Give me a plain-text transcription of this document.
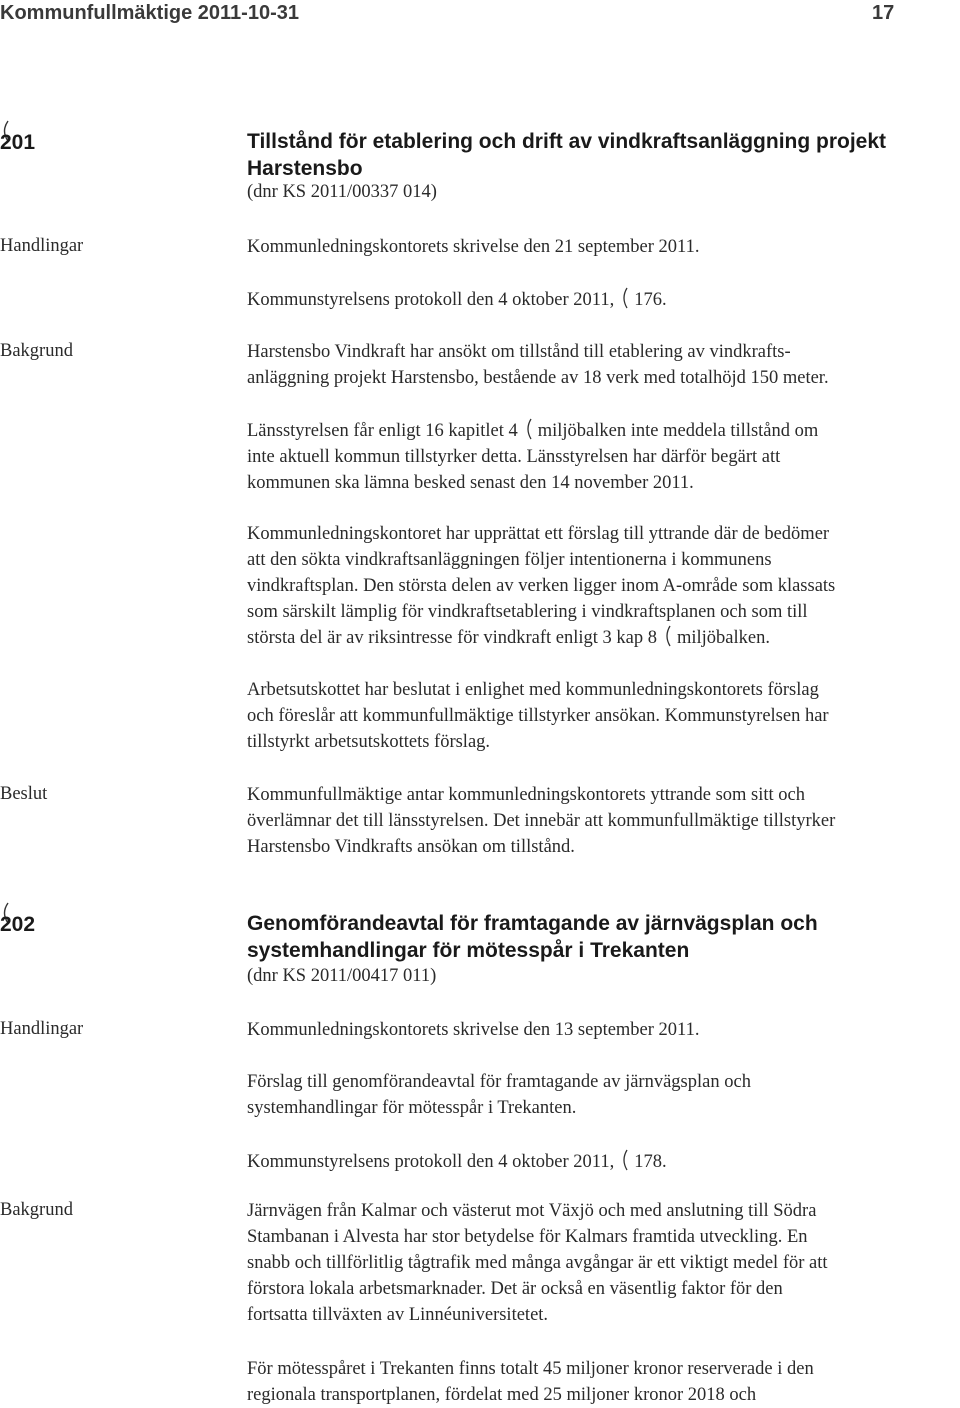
Kommunfullmäktige 2011-10-31	17
201	Tillstånd för etablering och drift av vindkraftsanläggning projekt
Harstensbo
(dnr KS 2011/00337 014)
Handlingar	Kommunledningskontorets skrivelse den 21 september 2011.
Kommunstyrelsens protokoll den 4 oktober 2011, 176.
Bakgrund	Harstensbo Vindkraft har ansökt om tillstånd till etablering av vindkrafts-
anläggning projekt Harstensbo, bestående av 18 verk med totalhöjd 150 meter.
Länsstyrelsen får enligt 16 kapitlet 4 miljöbalken inte meddela tillstånd om
inte aktuell kommun tillstyrker detta. Länsstyrelsen har därför begärt att
kommunen ska lämna besked senast den 14 november 2011.
Kommunledningskontoret har upprättat ett förslag till yttrande där de bedömer
att den sökta vindkraftsanläggningen följer intentionerna i kommunens
vindkraftsplan. Den största delen av verken ligger inom A-område som klassats
som särskilt lämplig för vindkraftsetablering i vindkraftsplanen och som till
största del är av riksintresse för vindkraft enligt 3 kap 8 miljöbalken.
Arbetsutskottet har beslutat i enlighet med kommunledningskontorets förslag
och föreslår att kommunfullmäktige tillstyrker ansökan. Kommunstyrelsen har
tillstyrkt arbetsutskottets förslag.
Beslut	Kommunfullmäktige antar kommunledningskontorets yttrande som sitt och
överlämnar det till länsstyrelsen. Det innebär att kommunfullmäktige tillstyrker
Harstensbo Vindkrafts ansökan om tillstånd.
202	Genomförandeavtal för framtagande av järnvägsplan och
systemhandlingar för mötesspår i Trekanten
(dnr KS 2011/00417 011)
Handlingar	Kommunledningskontorets skrivelse den 13 september 2011.
Förslag till genomförandeavtal för framtagande av järnvägsplan och
systemhandlingar för mötesspår i Trekanten.
Kommunstyrelsens protokoll den 4 oktober 2011, 178.
Bakgrund	Järnvägen från Kalmar och västerut mot Växjö och med anslutning till Södra
Stambanan i Alvesta har stor betydelse för Kalmars framtida utveckling. En
snabb och tillförlitlig tågtrafik med många avgångar är ett viktigt medel för att
förstora lokala arbetsmarknader. Det är också en väsentlig faktor för den
fortsatta tillväxten av Linnéuniversitetet.
För mötesspåret i Trekanten finns totalt 45 miljoner kronor reserverade i den
regionala transportplanen, fördelat med 25 miljoner kronor 2018 och
